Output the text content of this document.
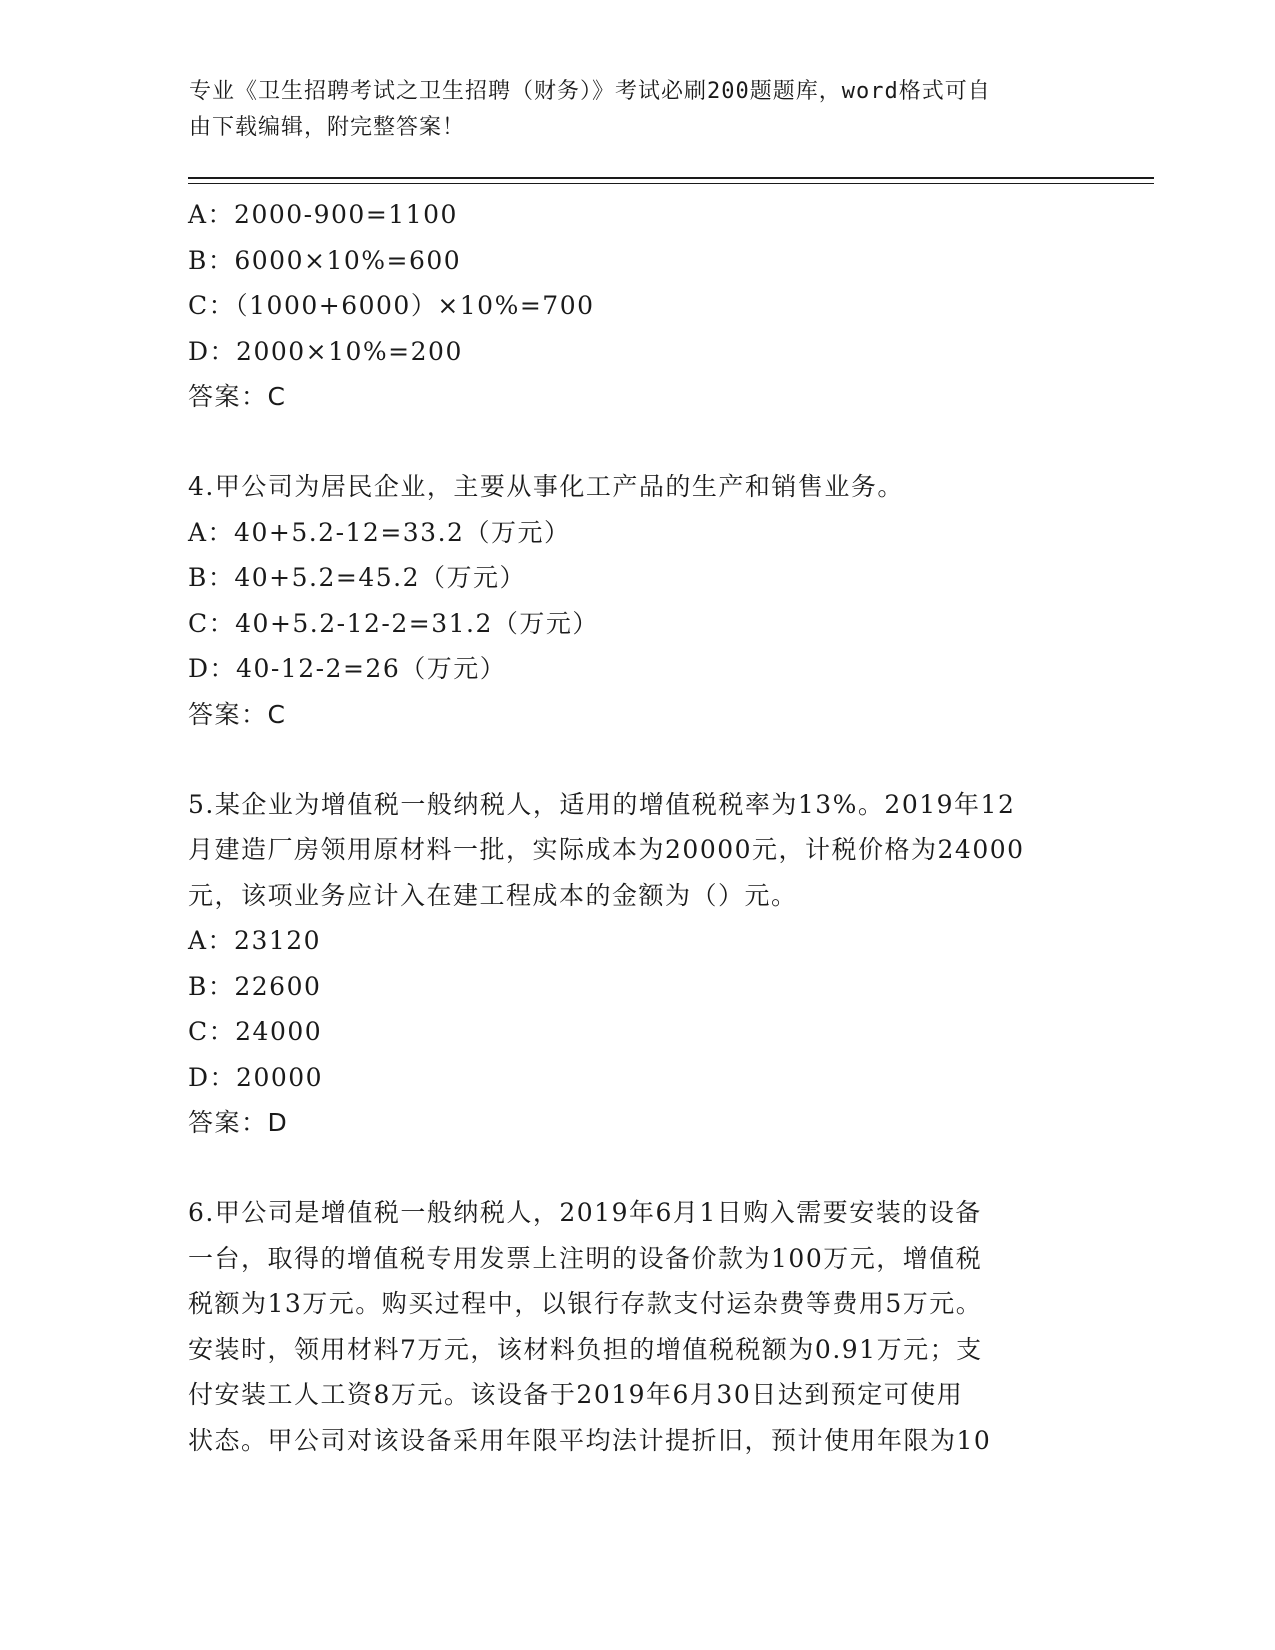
专业《卫生招聘考试之卫生招聘（财务）》考试必刷200题题库，word格式可自
由下载编辑，附完整答案！
A：2000-900=1100
B：6000×10%=600
C：（1000+6000）×10%=700
D：2000×10%=200
答案：C
4.甲公司为居民企业，主要从事化工产品的生产和销售业务。
A：40+5.2-12=33.2（万元）
B：40+5.2=45.2（万元）
C：40+5.2-12-2=31.2（万元）
D：40-12-2=26（万元）
答案：C
5.某企业为增值税一般纳税人，适用的增值税税率为13%。2019年12
月建造厂房领用原材料一批，实际成本为20000元，计税价格为24000
元，该项业务应计入在建工程成本的金额为（）元。
A：23120
B：22600
C：24000
D：20000
答案：D
6.甲公司是增值税一般纳税人，2019年6月1日购入需要安装的设备
一台，取得的增值税专用发票上注明的设备价款为100万元，增值税
税额为13万元。购买过程中，以银行存款支付运杂费等费用5万元。
安装时，领用材料7万元，该材料负担的增值税税额为0.91万元；支
付安装工人工资8万元。该设备于2019年6月30日达到预定可使用
状态。甲公司对该设备采用年限平均法计提折旧，预计使用年限为10
